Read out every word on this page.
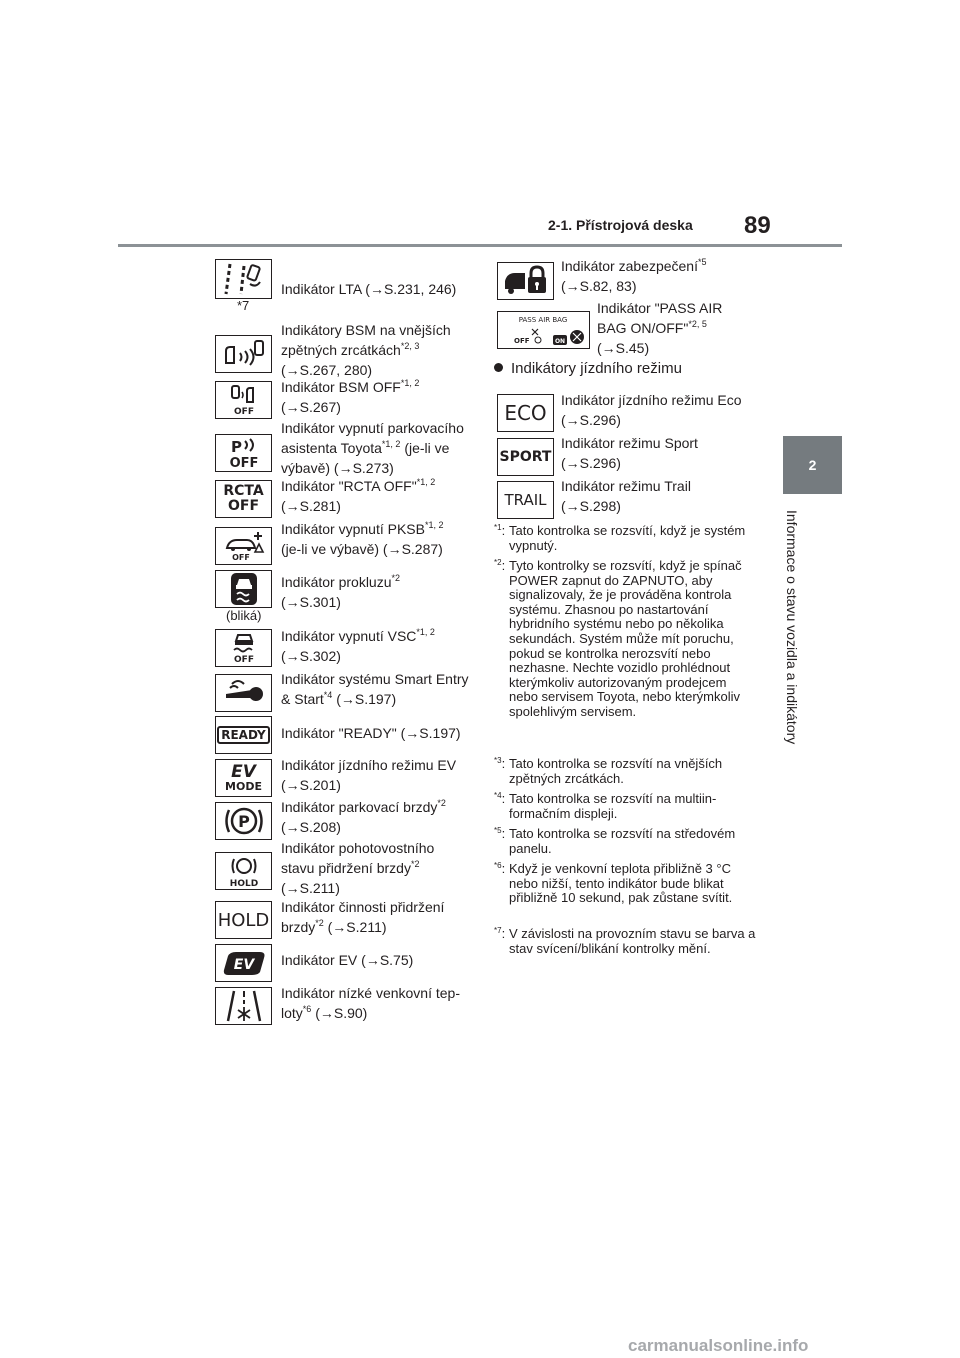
2-1. Přístrojová deska 89
2
Informace o stavu vozidla a indikátory
*7
Indikátor LTA (→S.231, 246)
Indikátory BSM na vnějších zpětných zrcátkách$^{*2, 3}$
(→S.267, 280)
OFF
Indikátor BSM OFF$^{*1, 2}$
(→S.267)
P
OFF
Indikátor vypnutí parkovacího asistenta Toyota$^{*1, 2}$ (je-li ve výbavě) (→S.273)
RCTA
OFF
Indikátor "RCTA OFF"$^{*1, 2}$
(→S.281)
OFF
Indikátor vypnutí PKSB$^{*1, 2}$
(je-li ve výbavě) (→S.287)
(bliká)
Indikátor prokluzu$^{*2}$
(→S.301)
OFF
Indikátor vypnutí VSC$^{*1, 2}$
(→S.302)
Indikátor systému Smart Entry & Start$^{*4}$ (→S.197)
READY Indikátor "READY" (→S.197)
EV
MODE
Indikátor jízdního režimu EV (→S.201)
P
Indikátor parkovací brzdy$^{*2}$
(→S.208)
HOLD
Indikátor pohotovostního
stavu přidržení brzdy$^{*2}$
(→S.211)
HOLD
Indikátor činnosti přidržení brzdy$^{*2}$ (→S.211)
EV Indikátor EV (→S.75)
Indikátor nízké venkovní teploty$^{*6}$ (→S.90)
Indikátor zabezpečení$^{*5}$
(→S.82, 83)
PASS AIR BAG
OFF	ON
Indikátor "PASS AIR
BAG ON/OFF"$^{*2, 5}$
(→S.45)
Indikátory jízdního režimu
ECO
Indikátor jízdního režimu Eco
(→S.296)
SPORT
Indikátor režimu Sport
(→S.296)
TRAIL
Indikátor režimu Trail
(→S.298)
$^{*1}$: Tato kontrolka se rozsvítí, když je systém vypnutý.
$^{*2}$: Tyto kontrolky se rozsvítí, když je spínač POWER zapnut do ZAPNUTO, aby signalizovaly, že je prováděna kontrola systému. Zhasnou po nastartování hybridního systému nebo po několika sekundách. Systém může mít poruchu, pokud se kontrolka nerozsvítí nebo nezhasne. Nechte vozidlo prohlédnout kterýmkoliv autorizovaným prodejcem nebo servisem Toyota, nebo kterýmkoliv spolehlivým servisem.
$^{*3}$: Tato kontrolka se rozsvítí na vnějších zpětných zrcátkách.
$^{*4}$: Tato kontrolka se rozsvítí na multiinformačním displeji.
$^{*5}$: Tato kontrolka se rozsvítí na středovém panelu.
$^{*6}$: Když je venkovní teplota přibližně 3 °C nebo nižší, tento indikátor bude blikat přibližně 10 sekund, pak zůstane svítit.
$^{*7}$: V závislosti na provozním stavu se barva a stav svícení/blikání kontrolky mění.
carmanualsonline.info
